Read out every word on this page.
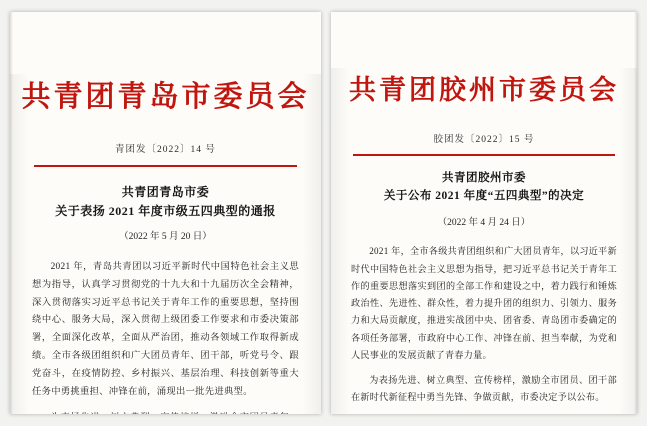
共青团青岛市委员会
青团发〔2022〕14 号
共青团青岛市委
关于表扬 2021 年度市级五四典型的通报
（2022 年 5 月 20 日）

2021 年，青岛共青团以习近平新时代中国特色社会主义思想为指导，认真学习贯彻党的十九大和十九届历次全会精神，深入贯彻落实习近平总书记关于青年工作的重要思想，坚持围绕中心、服务大局，深入贯彻上级团委工作要求和市委决策部署，全面深化改革，全面从严治团，推动各领域工作取得新成绩。全市各级团组织和广大团员青年、团干部，听党号令、跟党奋斗，在疫情防控、乡村振兴、基层治理、科技创新等重大任务中勇挑重担、冲锋在前，涌现出一批先进典型。

共青团胶州市委员会
胶团发〔2022〕15 号
共青团胶州市委
关于公布 2021 年度“五四典型”的决定
（2022 年 4 月 24 日）

2021 年，全市各级共青团组织和广大团员青年，以习近平新时代中国特色社会主义思想为指导，把习近平总书记关于青年工作的重要思想落实到团的全部工作和建设之中，着力践行和锤炼政治性、先进性、群众性，着力提升团的组织力、引领力、服务力和大局贡献度，推进实战团中央、团省委、青岛团市委确定的各项任务部署，市政府中心工作、冲锋在前、担当奉献，为党和人民事业的发展贡献了青春力量。

为表扬先进、树立典型、宣传榜样，激励全市团员、团干部在新时代新征程中勇当先锋、争做贡献，市委决定予以公布。
